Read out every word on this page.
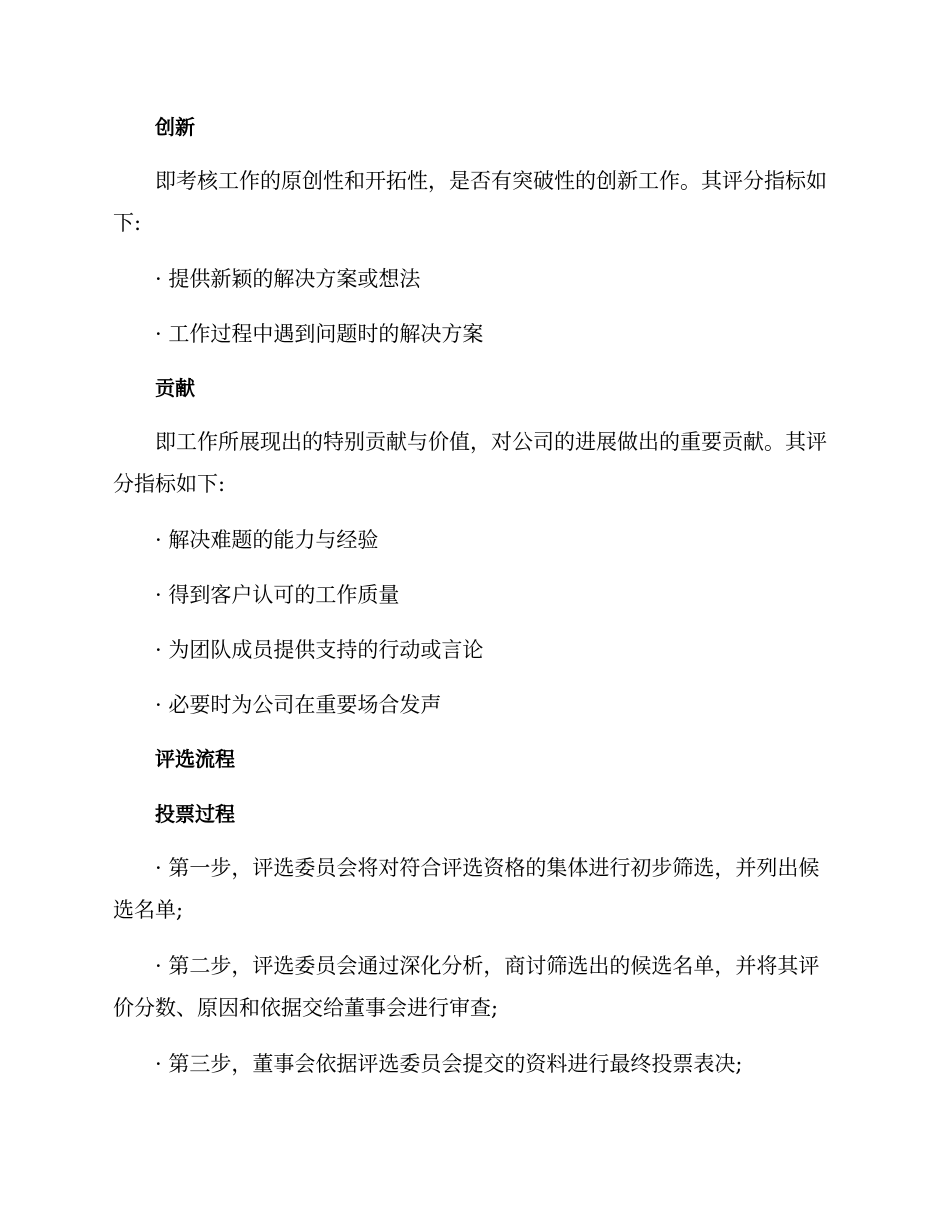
创新

即考核工作的原创性和开拓性，是否有突破性的创新工作。其评分指标如下:

· 提供新颖的解决方案或想法

· 工作过程中遇到问题时的解决方案

贡献

即工作所展现出的特别贡献与价值，对公司的进展做出的重要贡献。其评分指标如下:

· 解决难题的能力与经验

· 得到客户认可的工作质量

· 为团队成员提供支持的行动或言论

· 必要时为公司在重要场合发声

评选流程
投票过程

· 第一步，评选委员会将对符合评选资格的集体进行初步筛选，并列出候选名单;

· 第二步，评选委员会通过深化分析，商讨筛选出的候选名单，并将其评价分数、原因和依据交给董事会进行审查;

· 第三步，董事会依据评选委员会提交的资料进行最终投票表决;
